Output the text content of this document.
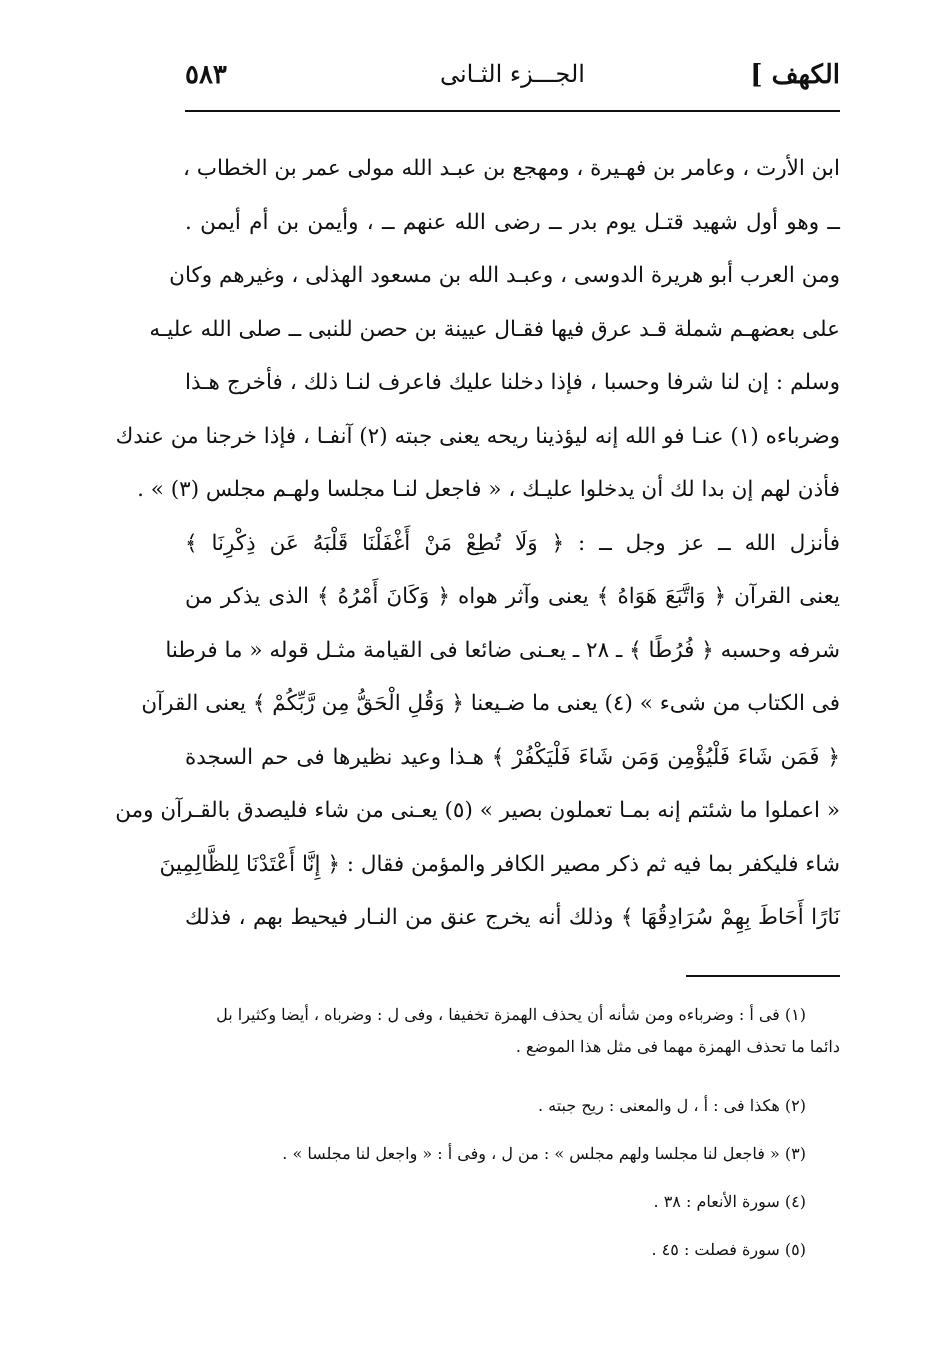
الكهف ]
الجـــزء الثـانى
٥٨٣
ابن الأرت ، وعامر بن فهـيرة ، ومهجع بن عبـد الله مولى عمر بن الخطاب ،
ــ وهو أول شهيد قتـل يوم بدر ــ رضى الله عنهم ــ ، وأيمن بن أم أيمن .
ومن العرب أبو هريرة الدوسى ، وعبـد الله بن مسعود الهذلى ، وغيرهم وكان
على بعضهـم شملة قـد عرق فيها فقـال عيينة بن حصن للنبى ــ صلى الله عليـه
وسلم : إن لنا شرفا وحسبا ، فإذا دخلنا عليك فاعرف لنـا ذلك ، فأخرج هـذا
وضرباءه (١) عنـا فو الله إنه ليؤذينا ريحه يعنى جبته (٢) آنفـا ، فإذا خرجنا من عندك
فأذن لهم إن بدا لك أن يدخلوا عليـك ، « فاجعل لنـا مجلسا ولهـم مجلس (٣) » .
فأنزل الله ــ عز وجل ــ : ﴿ وَلَا تُطِعْ مَنْ أَغْفَلْنَا قَلْبَهُ عَن ذِكْرِنَا ﴾
يعنى القرآن ﴿ وَاتَّبَعَ هَوَاهُ ﴾ يعنى وآثر هواه ﴿ وَكَانَ أَمْرُهُ ﴾ الذى يذكر من
شرفه وحسبه ﴿ فُرُطًا ﴾ ـ ٢٨ ـ يعـنى ضائعا فى القيامة مثـل قوله « ما فرطنا
فى الكتاب من شىء » (٤) يعنى ما ضـيعنا ﴿ وَقُلِ الْحَقُّ مِن رَّبِّكُمْ ﴾ يعنى القرآن
﴿ فَمَن شَاءَ فَلْيُؤْمِن وَمَن شَاءَ فَلْيَكْفُرْ ﴾ هـذا وعيد نظيرها فى حم السجدة
« اعملوا ما شئتم إنه بمـا تعملون بصير » (٥) يعـنى من شاء فليصدق بالقـرآن ومن
شاء فليكفر بما فيه ثم ذكر مصير الكافر والمؤمن فقال : ﴿ إِنَّا أَعْتَدْنَا لِلظَّالِمِينَ
نَارًا أَحَاطَ بِهِمْ سُرَادِقُهَا ﴾ وذلك أنه يخرج عنق من النـار فيحيط بهم ، فذلك
(١) فى أ : وضرباءه ومن شأنه أن يحذف الهمزة تخفيفا ، وفى ل : وضرباه ، أيضا وكثيرا بل
دائما ما تحذف الهمزة مهما فى مثل هذا الموضع .
(٢) هكذا فى : أ ، ل والمعنى : ريح جبته .
(٣) « فاجعل لنا مجلسا ولهم مجلس » : من ل ، وفى أ : « واجعل لنا مجلسا » .
(٤) سورة الأنعام : ٣٨ .
(٥) سورة فصلت : ٤٥ .
